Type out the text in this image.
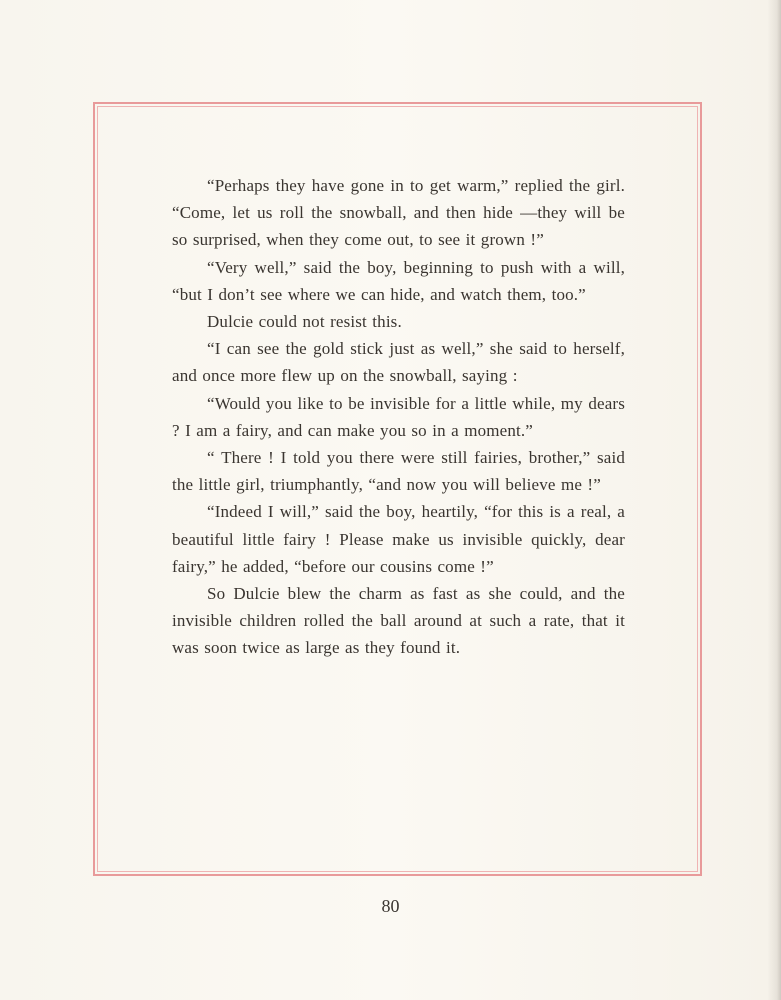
“Perhaps they have gone in to get warm,” replied the girl. “Come, let us roll the snowball, and then hide —they will be so surprised, when they come out, to see it grown !”

“Very well,” said the boy, beginning to push with a will, “but I don’t see where we can hide, and watch them, too.”

Dulcie could not resist this.

“I can see the gold stick just as well,” she said to herself, and once more flew up on the snowball, saying :

“Would you like to be invisible for a little while, my dears ? I am a fairy, and can make you so in a moment.”

“ There ! I told you there were still fairies, brother,” said the little girl, triumphantly, “and now you will believe me !”

“Indeed I will,” said the boy, heartily, “for this is a real, a beautiful little fairy ! Please make us invisible quickly, dear fairy,” he added, “before our cousins come !”

So Dulcie blew the charm as fast as she could, and the invisible children rolled the ball around at such a rate, that it was soon twice as large as they found it.

80
